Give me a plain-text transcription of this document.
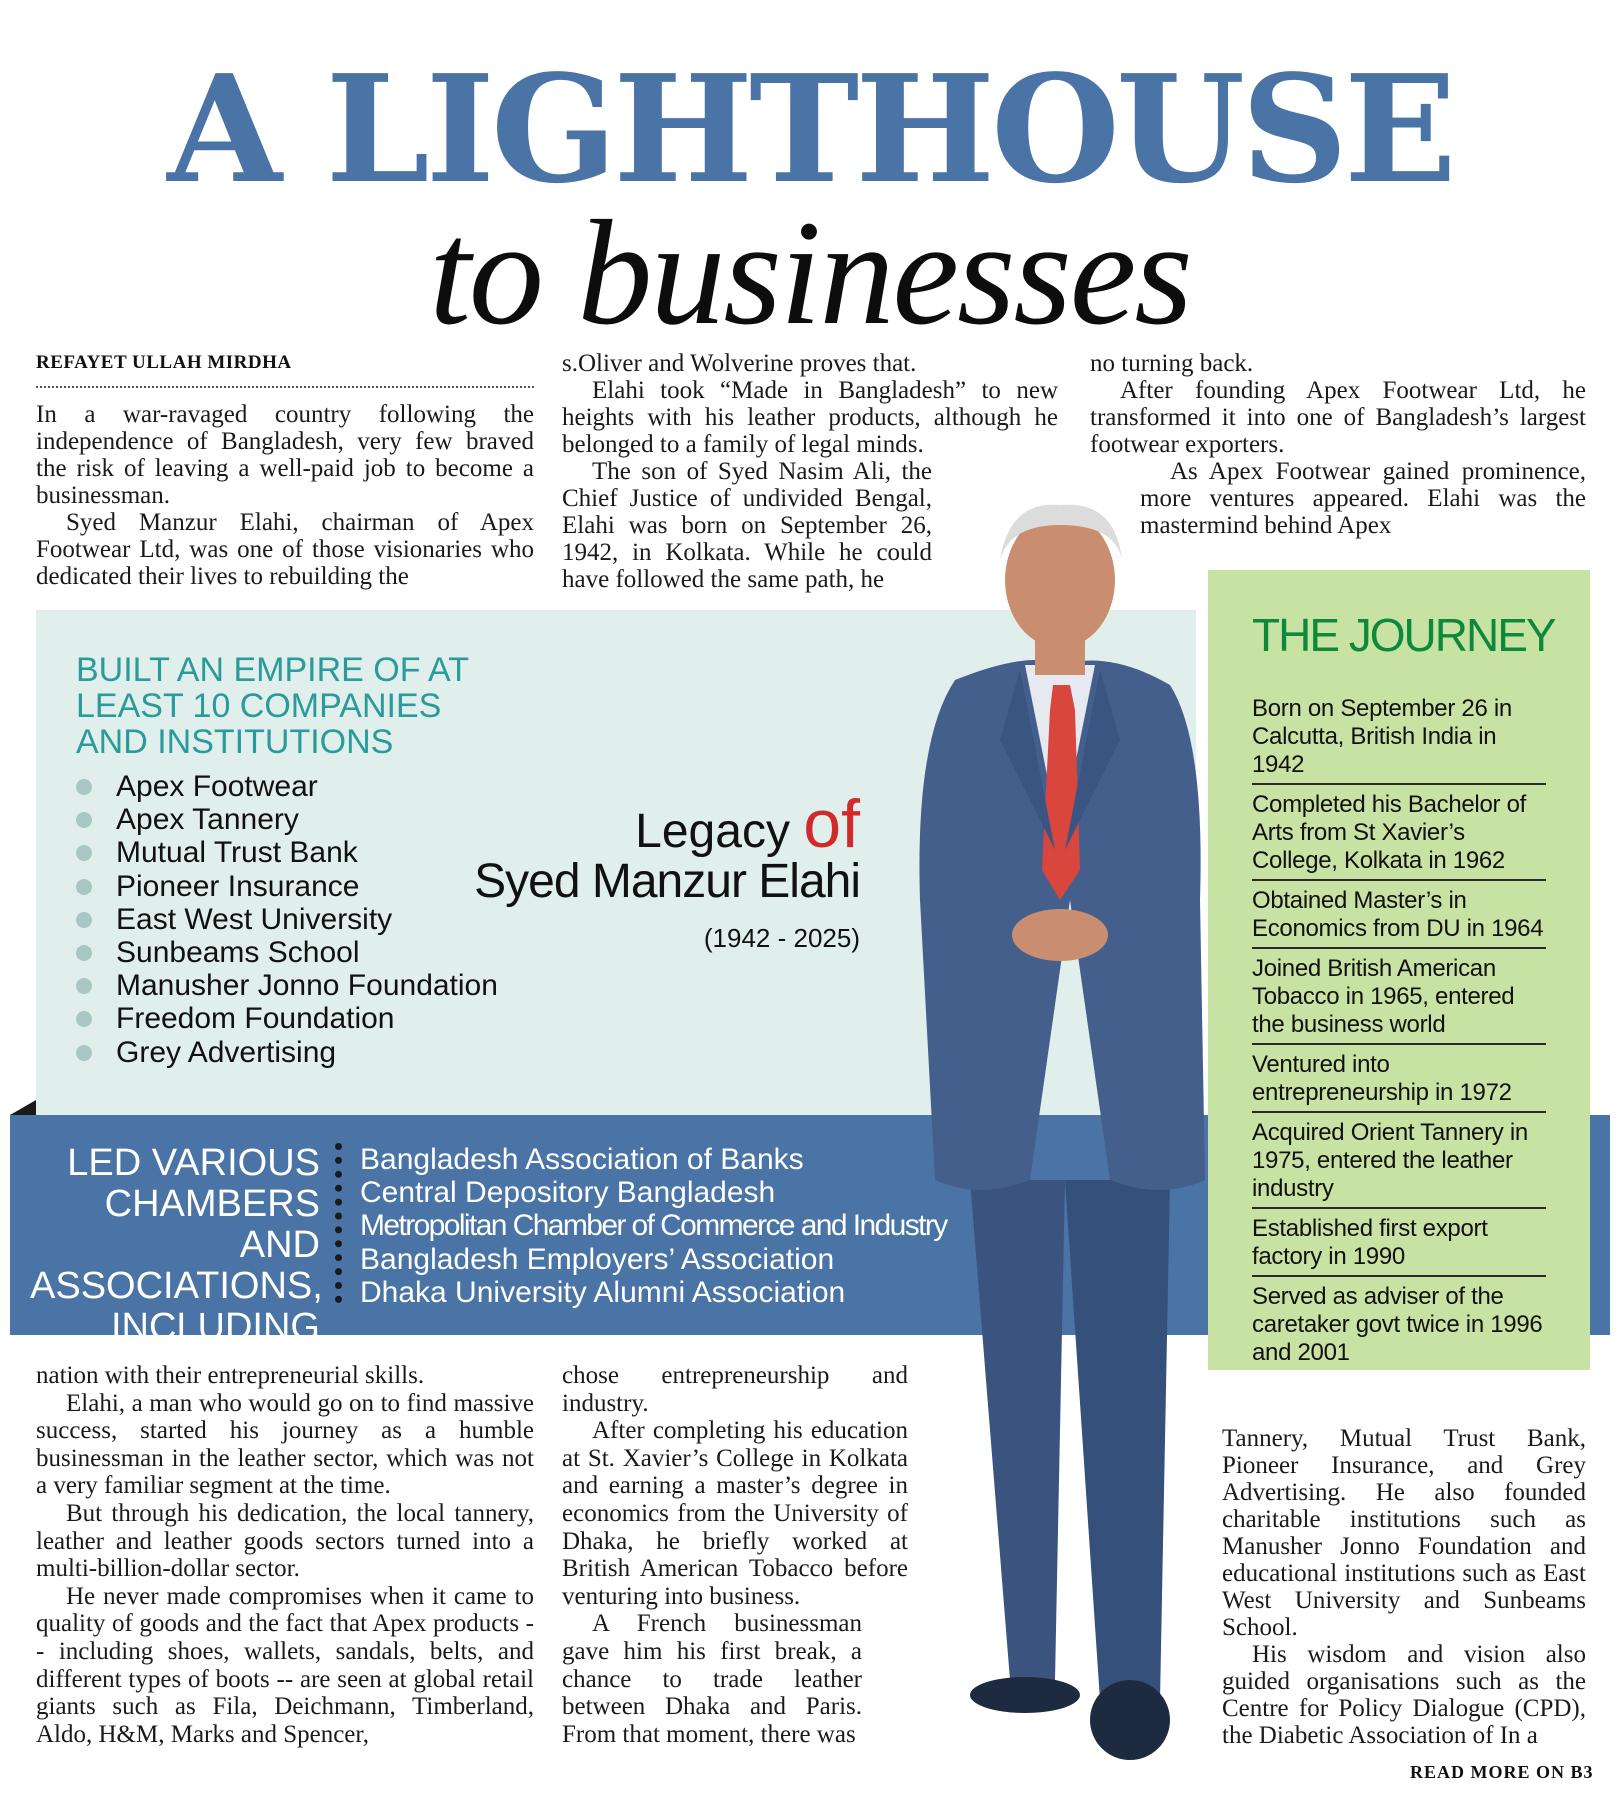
A LIGHTHOUSE
to businesses
REFAYET ULLAH MIRDHA

In a war-ravaged country following the independence of Bangladesh, very few braved the risk of leaving a well-paid job to become a businessman.

Syed Manzur Elahi, chairman of Apex Footwear Ltd, was one of those visionaries who dedicated their lives to rebuilding the

s.Oliver and Wolverine proves that.

Elahi took “Made in Bangladesh” to new heights with his leather products, although he belonged to a family of legal minds.

The son of Syed Nasim Ali, the Chief Justice of undivided Bengal, Elahi was born on September 26, 1942, in Kolkata. While he could have followed the same path, he

no turning back.

After founding Apex Footwear Ltd, he transformed it into one of Bangladesh’s largest footwear exporters.

As Apex Footwear gained prominence, more ventures appeared. Elahi was the mastermind behind Apex

BUILT AN EMPIRE OF AT LEAST 10 COMPANIES AND INSTITUTIONS
Apex Footwear
Apex Tannery
Mutual Trust Bank
Pioneer Insurance
East West University
Sunbeams School
Manusher Jonno Foundation
Freedom Foundation
Grey Advertising
Legacy of
Syed Manzur Elahi
(1942 - 2025)
LED VARIOUS CHAMBERS AND ASSOCIATIONS, INCLUDING
Bangladesh Association of Banks
Central Depository Bangladesh
Metropolitan Chamber of Commerce and Industry
Bangladesh Employers’ Association
Dhaka University Alumni Association
THE JOURNEY
Born on September 26 in Calcutta, British India in 1942
Completed his Bachelor of Arts from St Xavier’s College, Kolkata in 1962
Obtained Master’s in Economics from DU in 1964
Joined British American Tobacco in 1965, entered the business world
Ventured into entrepreneurship in 1972
Acquired Orient Tannery in 1975, entered the leather industry
Established first export factory in 1990
Served as adviser of the caretaker govt twice in 1996 and 2001

nation with their entrepreneurial skills.

Elahi, a man who would go on to find massive success, started his journey as a humble businessman in the leather sector, which was not a very familiar segment at the time.

But through his dedication, the local tannery, leather and leather goods sectors turned into a multi-billion-dollar sector.

He never made compromises when it came to quality of goods and the fact that Apex products -- including shoes, wallets, sandals, belts, and different types of boots -- are seen at global retail giants such as Fila, Deichmann, Timberland, Aldo, H&M, Marks and Spencer,

chose entrepreneurship and industry.

After completing his education at St. Xavier’s College in Kolkata and earning a master’s degree in economics from the University of Dhaka, he briefly worked at British American Tobacco before venturing into business.

A French businessman gave him his first break, a chance to trade leather between Dhaka and Paris. From that moment, there was

Tannery, Mutual Trust Bank, Pioneer Insurance, and Grey Advertising. He also founded charitable institutions such as Manusher Jonno Foundation and educational institutions such as East West University and Sunbeams School.

His wisdom and vision also guided organisations such as the Centre for Policy Dialogue (CPD), the Diabetic Association of In a

READ MORE ON B3
